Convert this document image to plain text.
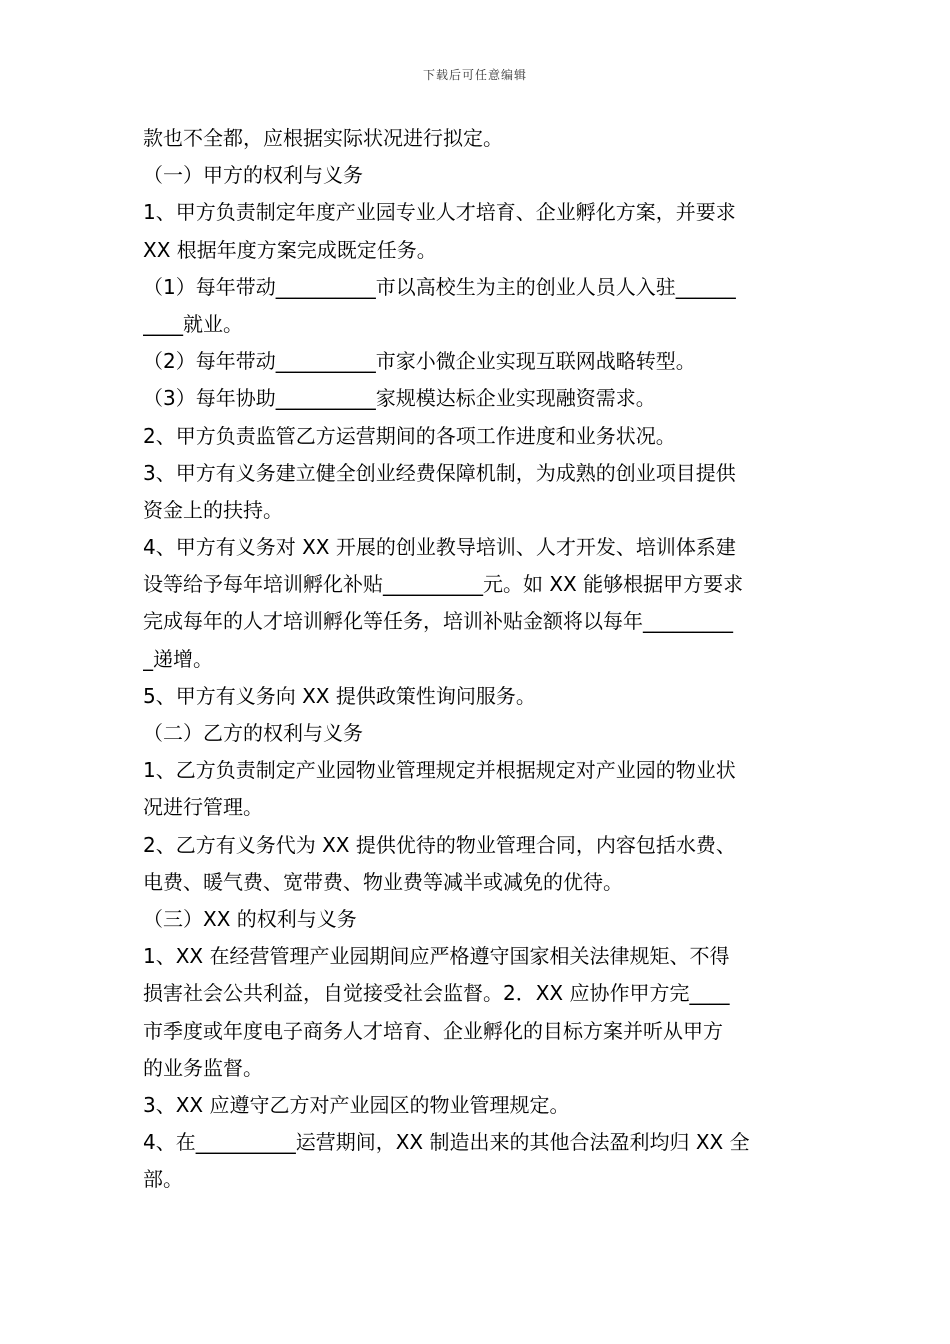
下载后可任意编辑
款也不全都，应根据实际状况进行拟定。
（一）甲方的权利与义务
1、甲方负责制定年度产业园专业人才培育、企业孵化方案，并要求
XX 根据年度方案完成既定任务。
（1）每年带动__________市以高校生为主的创业人员人入驻______
____就业。
（2）每年带动__________市家小微企业实现互联网战略转型。
（3）每年协助__________家规模达标企业实现融资需求。
2、甲方负责监管乙方运营期间的各项工作进度和业务状况。
3、甲方有义务建立健全创业经费保障机制，为成熟的创业项目提供
资金上的扶持。
4、甲方有义务对 XX 开展的创业教导培训、人才开发、培训体系建
设等给予每年培训孵化补贴__________元。如 XX 能够根据甲方要求
完成每年的人才培训孵化等任务，培训补贴金额将以每年_________
_递增。
5、甲方有义务向 XX 提供政策性询问服务。
（二）乙方的权利与义务
1、乙方负责制定产业园物业管理规定并根据规定对产业园的物业状
况进行管理。
2、乙方有义务代为 XX 提供优待的物业管理合同，内容包括水费、
电费、暖气费、宽带费、物业费等减半或减免的优待。
（三）XX 的权利与义务
1、XX 在经营管理产业园期间应严格遵守国家相关法律规矩、不得
损害社会公共利益，自觉接受社会监督。2．XX 应协作甲方完____
市季度或年度电子商务人才培育、企业孵化的目标方案并听从甲方
的业务监督。
3、XX 应遵守乙方对产业园区的物业管理规定。
4、在__________运营期间，XX 制造出来的其他合法盈利均归 XX 全
部。
